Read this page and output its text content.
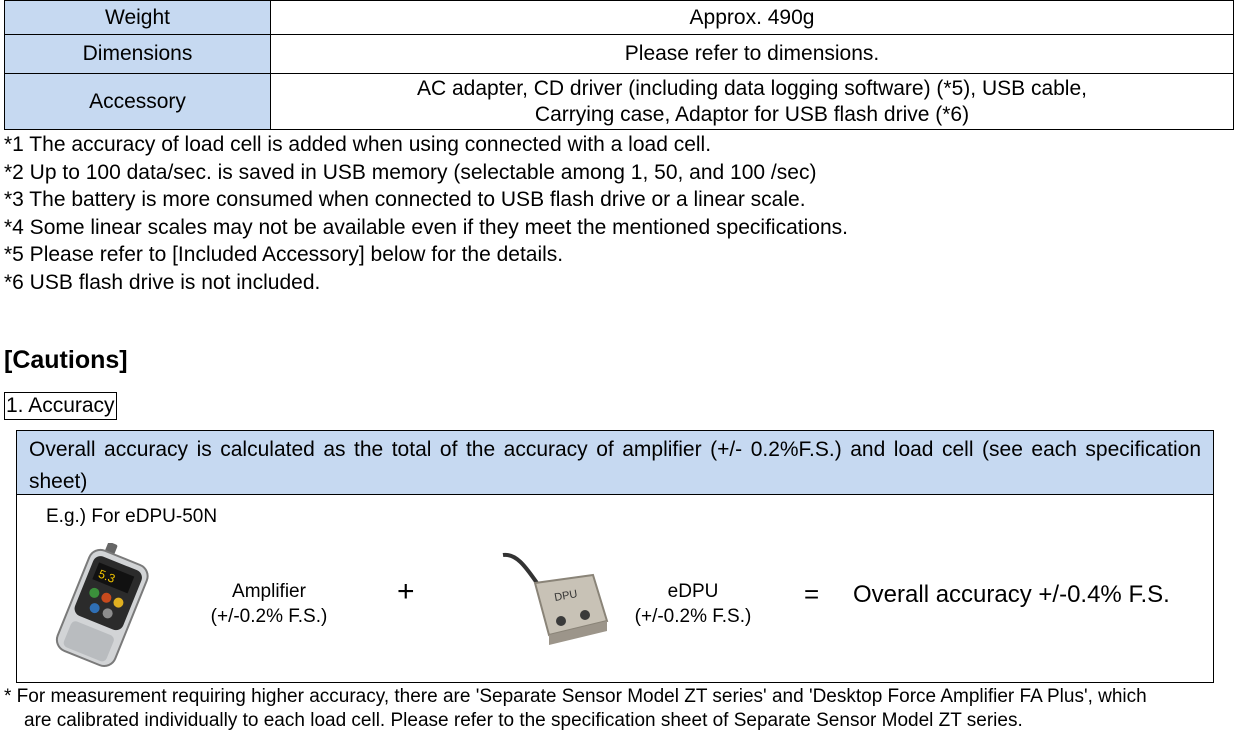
Weight	Approx. 490g
Dimensions	Please refer to dimensions.
Accessory	AC adapter, CD driver (including data logging software) (*5), USB cable,
Carrying case, Adaptor for USB flash drive (*6)
*1 The accuracy of load cell is added when using connected with a load cell.
*2 Up to 100 data/sec. is saved in USB memory (selectable among 1, 50, and 100 /sec)
*3 The battery is more consumed when connected to USB flash drive or a linear scale.
*4 Some linear scales may not be available even if they meet the mentioned specifications.
*5 Please refer to [Included Accessory] below for the details.
*6 USB flash drive is not included.
[Cautions]
1. Accuracy
Overall accuracy is calculated as the total of the accuracy of amplifier (+/- 0.2%F.S.) and load cell (see each specification sheet)
E.g.) For eDPU-50N
5.3
Amplifier
(+/-0.2% F.S.)
+	DPU	eDPU
(+/-0.2% F.S.)
= Overall accuracy +/-0.4% F.S.
* For measurement requiring higher accuracy, there are 'Separate Sensor Model ZT series' and 'Desktop Force Amplifier FA Plus', which
are calibrated individually to each load cell. Please refer to the specification sheet of Separate Sensor Model ZT series.
